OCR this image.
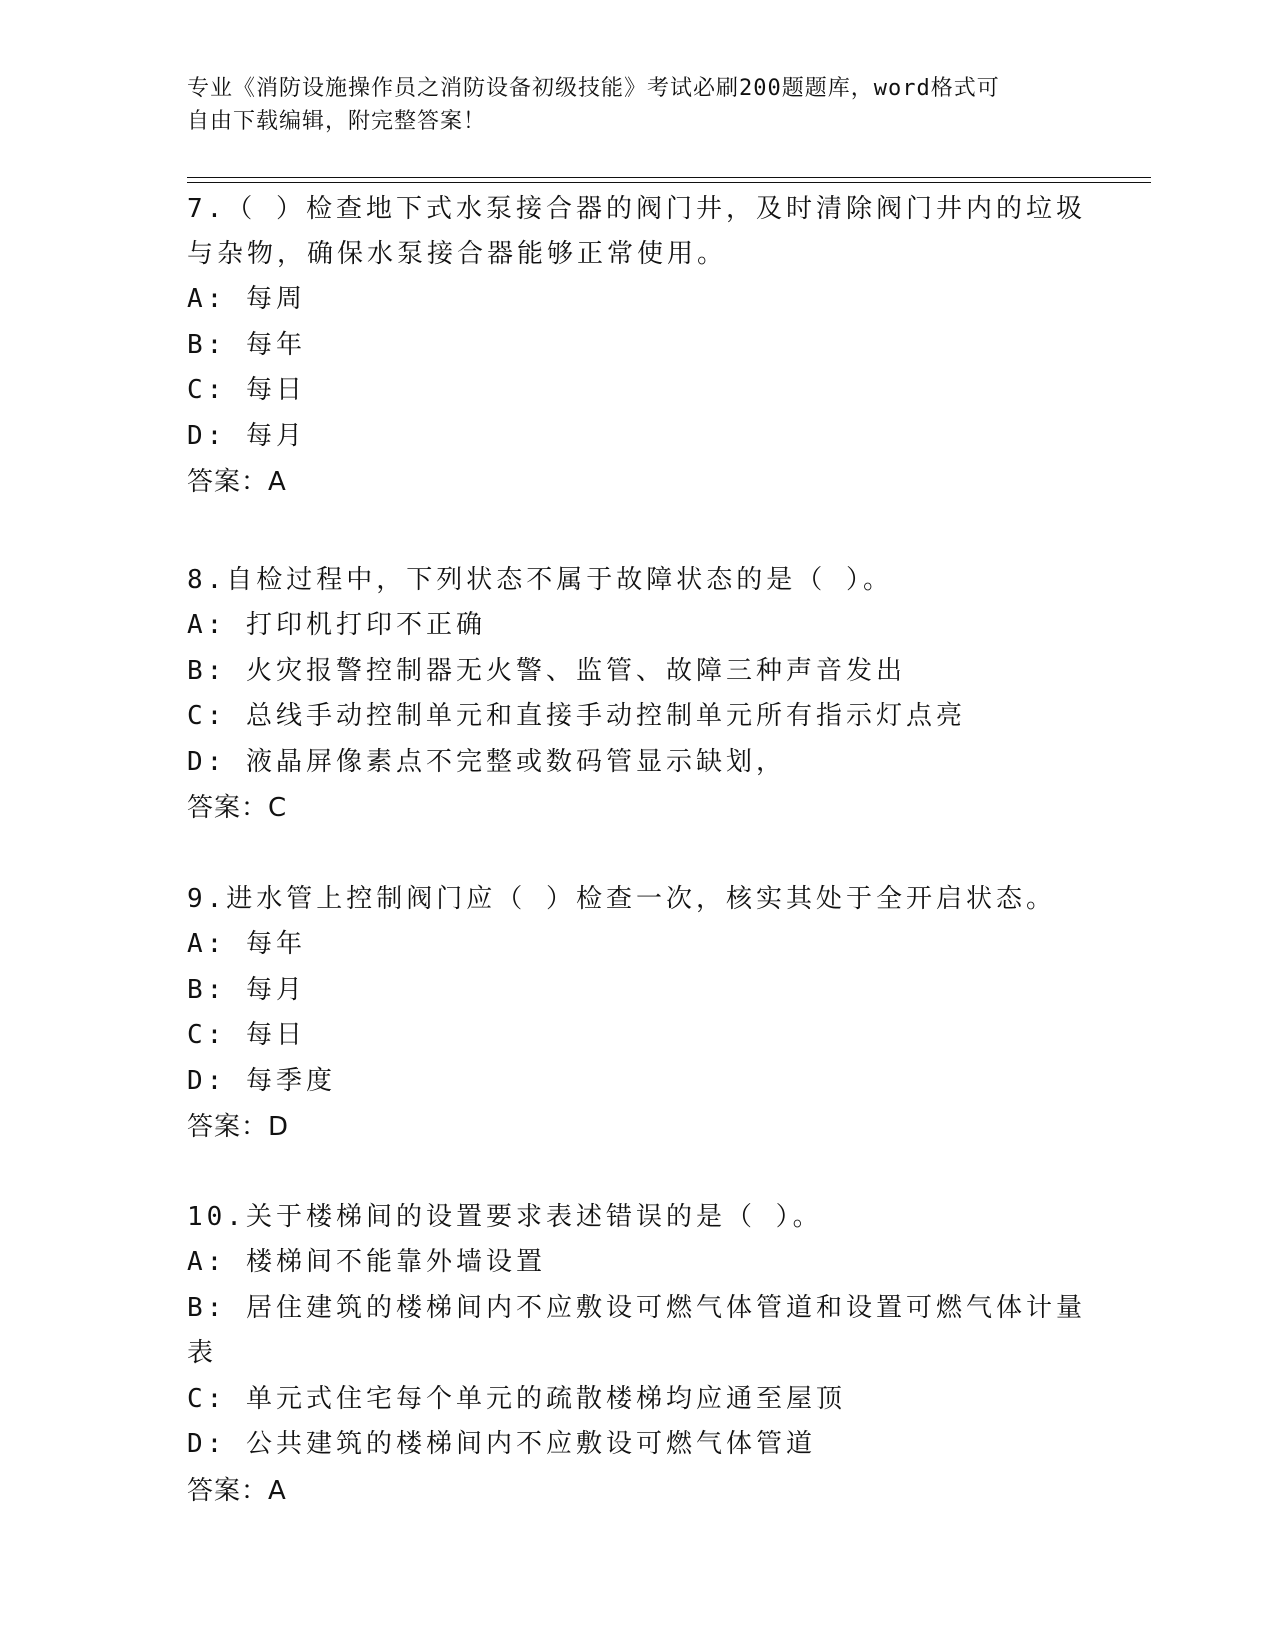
专业《消防设施操作员之消防设备初级技能》考试必刷200题题库，word格式可
自由下载编辑，附完整答案！
7.（ ）检查地下式水泵接合器的阀门井，及时清除阀门井内的垃圾
与杂物，确保水泵接合器能够正常使用。
A: 每周
B: 每年
C: 每日
D: 每月
答案：A
8.自检过程中，下列状态不属于故障状态的是（ ）。
A: 打印机打印不正确
B: 火灾报警控制器无火警、监管、故障三种声音发出
C: 总线手动控制单元和直接手动控制单元所有指示灯点亮
D: 液晶屏像素点不完整或数码管显示缺划，
答案：C
9.进水管上控制阀门应（ ）检查一次，核实其处于全开启状态。
A: 每年
B: 每月
C: 每日
D: 每季度
答案：D
10.关于楼梯间的设置要求表述错误的是（ ）。
A: 楼梯间不能靠外墙设置
B: 居住建筑的楼梯间内不应敷设可燃气体管道和设置可燃气体计量表
C: 单元式住宅每个单元的疏散楼梯均应通至屋顶
D: 公共建筑的楼梯间内不应敷设可燃气体管道
答案：A
